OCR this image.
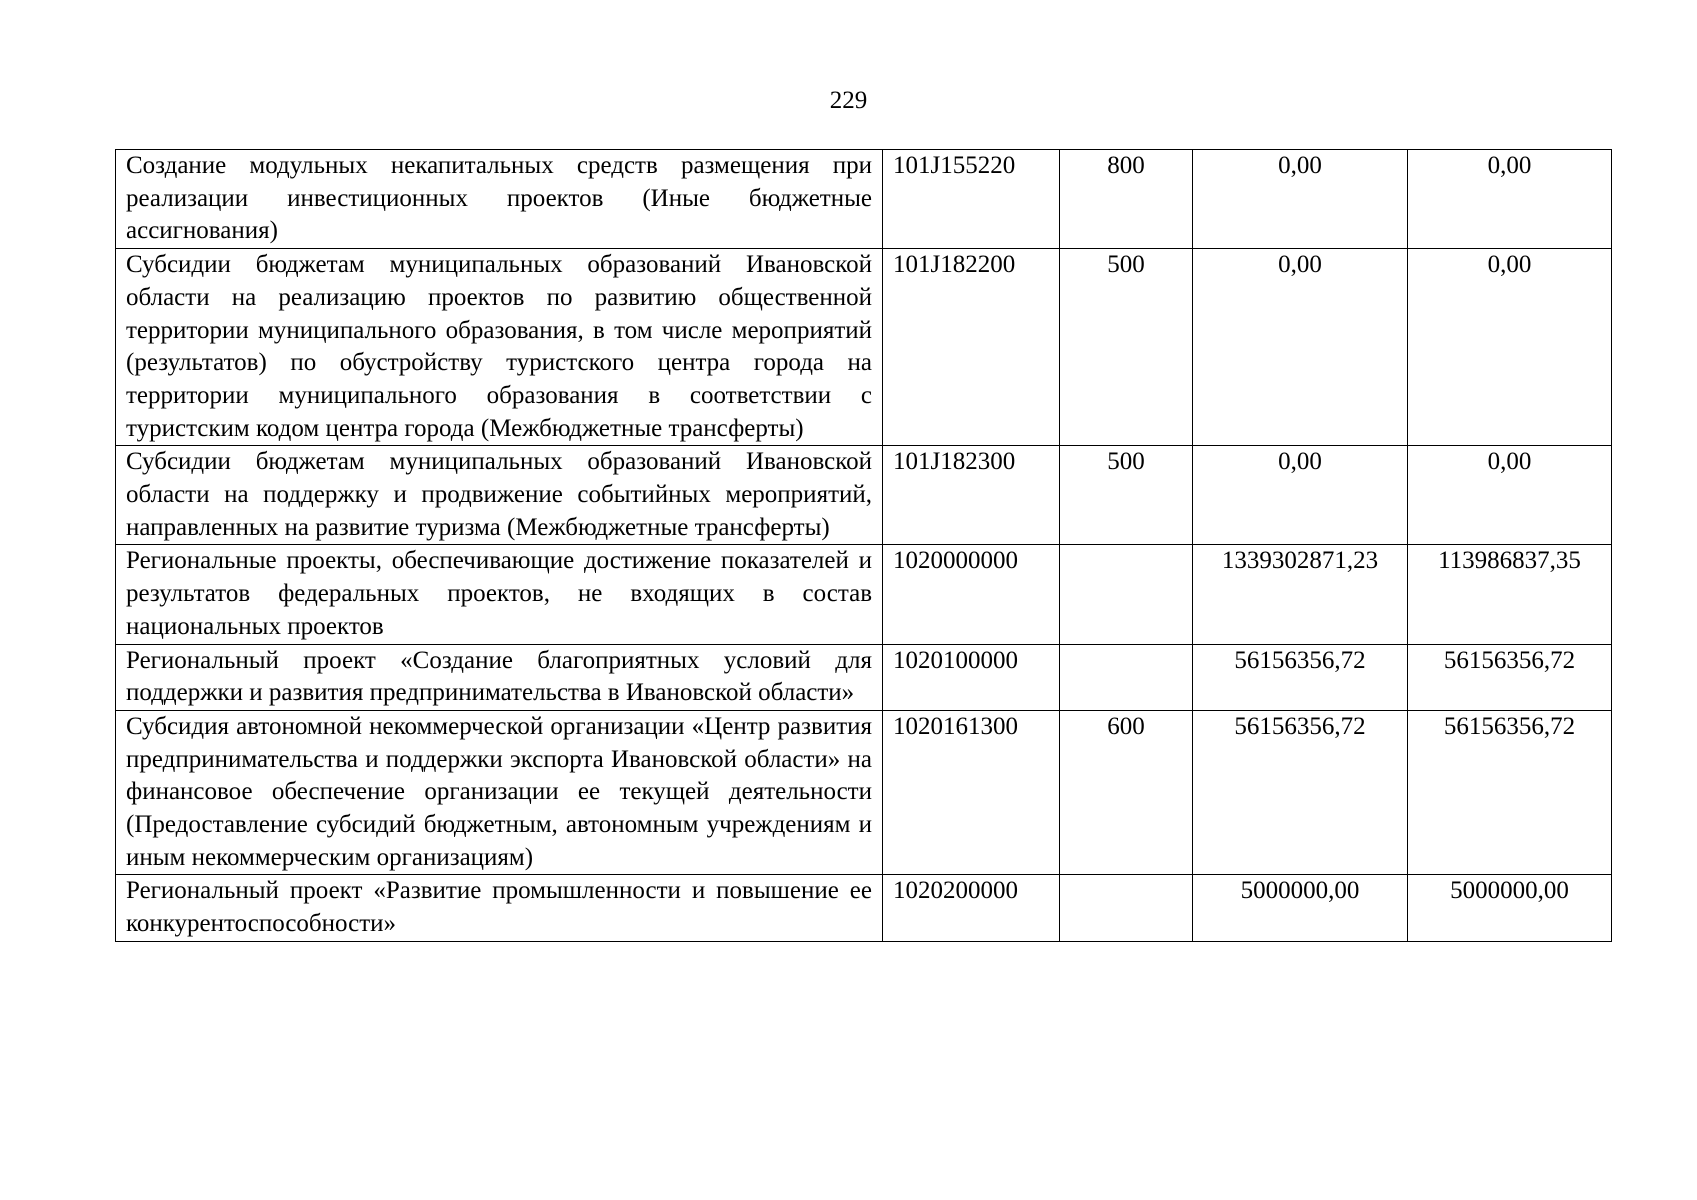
229
Создание модульных некапитальных средств размещения при реализации инвестиционных проектов (Иные бюджетные ассигнования)	101J155220	800	0,00	0,00
Субсидии бюджетам муниципальных образований Ивановской области на реализацию проектов по развитию общественной территории муниципального образования, в том числе мероприятий (результатов) по обустройству туристского центра города на территории муниципального образования в соответствии с туристским кодом центра города (Межбюджетные трансферты)	101J182200	500	0,00	0,00
Субсидии бюджетам муниципальных образований Ивановской области на поддержку и продвижение событийных мероприятий, направленных на развитие туризма (Межбюджетные трансферты)	101J182300	500	0,00	0,00
Региональные проекты, обеспечивающие достижение показателей и результатов федеральных проектов, не входящих в состав национальных проектов	1020000000		1339302871,23	113986837,35
Региональный проект «Создание благоприятных условий для поддержки и развития предпринимательства в Ивановской области»	1020100000		56156356,72	56156356,72
Субсидия автономной некоммерческой организации «Центр развития предпринимательства и поддержки экспорта Ивановской области» на финансовое обеспечение организации ее текущей деятельности (Предоставление субсидий бюджетным, автономным учреждениям и иным некоммерческим организациям)	1020161300	600	56156356,72	56156356,72
Региональный проект «Развитие промышленности и повышение ее конкурентоспособности»	1020200000		5000000,00	5000000,00
